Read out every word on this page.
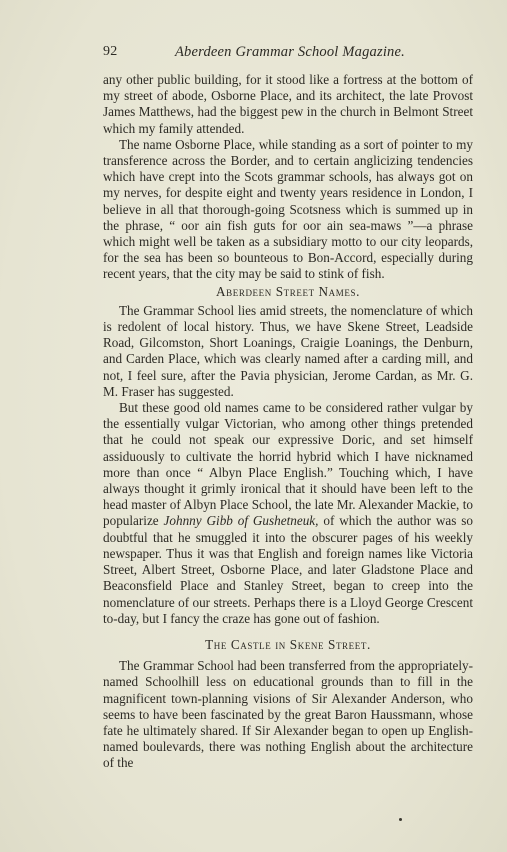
92	Aberdeen Grammar School Magazine.

any other public building, for it stood like a fortress at the bottom of my street of abode, Osborne Place, and its architect, the late Provost James Matthews, had the biggest pew in the church in Belmont Street which my family attended.

The name Osborne Place, while standing as a sort of pointer to my transference across the Border, and to certain anglicizing tendencies which have crept into the Scots grammar schools, has always got on my nerves, for despite eight and twenty years residence in London, I believe in all that thorough-going Scotsness which is summed up in the phrase, “ oor ain fish guts for oor ain sea-maws ”—a phrase which might well be taken as a subsidiary motto to our city leopards, for the sea has been so bounteous to Bon-Accord, especially during recent years, that the city may be said to stink of fish.

Aberdeen Street Names.

The Grammar School lies amid streets, the nomenclature of which is redolent of local history. Thus, we have Skene Street, Leadside Road, Gilcomston, Short Loanings, Craigie Loanings, the Denburn, and Carden Place, which was clearly named after a carding mill, and not, I feel sure, after the Pavia physician, Jerome Cardan, as Mr. G. M. Fraser has suggested.

But these good old names came to be considered rather vulgar by the essentially vulgar Victorian, who among other things pretended that he could not speak our expressive Doric, and set himself assiduously to cultivate the horrid hybrid which I have nicknamed more than once “ Albyn Place English.” Touching which, I have always thought it grimly ironical that it should have been left to the head master of Albyn Place School, the late Mr. Alexander Mackie, to popularize Johnny Gibb of Gushetneuk, of which the author was so doubtful that he smuggled it into the obscurer pages of his weekly newspaper. Thus it was that English and foreign names like Victoria Street, Albert Street, Osborne Place, and later Gladstone Place and Beaconsfield Place and Stanley Street, began to creep into the nomenclature of our streets. Perhaps there is a Lloyd George Crescent to-day, but I fancy the craze has gone out of fashion.

The Castle in Skene Street.

The Grammar School had been transferred from the appropriately-named Schoolhill less on educational grounds than to fill in the magnificent town-planning visions of Sir Alexander Anderson, who seems to have been fascinated by the great Baron Haussmann, whose fate he ultimately shared. If Sir Alexander began to open up English-named boulevards, there was nothing English about the architecture of the
